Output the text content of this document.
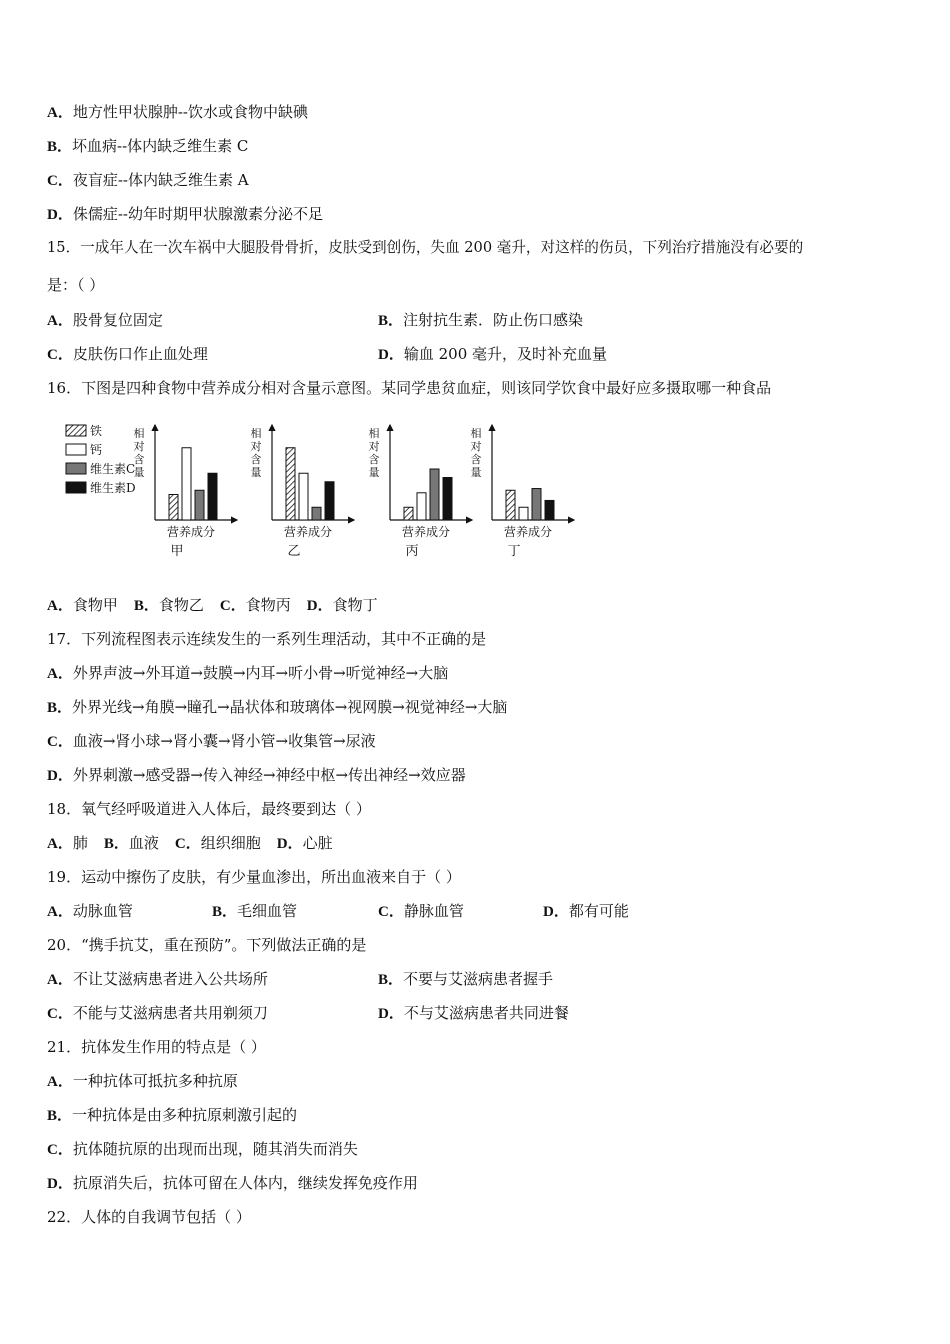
A．地方性甲状腺肿--饮水或食物中缺碘
B．坏血病--体内缺乏维生素 C
C．夜盲症--体内缺乏维生素 A
D．侏儒症--幼年时期甲状腺激素分泌不足
15．一成年人在一次车祸中大腿股骨骨折，皮肤受到创伤，失血 200 毫升，对这样的伤员，下列治疗措施没有必要的
是：（ ）
A．股骨复位固定	B．注射抗生素．防止伤口感染
C．皮肤伤口作止血处理	D．输血 200 毫升，及时补充血量
16．下图是四种食物中营养成分相对含量示意图。某同学患贫血症，则该同学饮食中最好应多摄取哪一种食品
铁
钙
维生素C
维生素D
相
对
含
量
营养成分
甲
相
对
含
量
营养成分
乙
相
对
含
量
营养成分
丙
相
对
含
量
营养成分
丁
A．食物甲 B．食物乙 C．食物丙 D．食物丁
17．下列流程图表示连续发生的一系列生理活动，其中不正确的是
A．外界声波→外耳道→鼓膜→内耳→听小骨→听觉神经→大脑
B．外界光线→角膜→瞳孔→晶状体和玻璃体→视网膜→视觉神经→大脑
C．血液→肾小球→肾小囊→肾小管→收集管→尿液
D．外界刺激→感受器→传入神经→神经中枢→传出神经→效应器
18．氧气经呼吸道进入人体后，最终要到达（ ）
A．肺 B．血液 C．组织细胞 D．心脏
19．运动中擦伤了皮肤，有少量血渗出，所出血液来自于（ ）
A．动脉血管	B．毛细血管	C．静脉血管	D．都有可能
20．“携手抗艾，重在预防”。下列做法正确的是
A．不让艾滋病患者进入公共场所	B．不要与艾滋病患者握手
C．不能与艾滋病患者共用剃须刀	D．不与艾滋病患者共同进餐
21．抗体发生作用的特点是（ ）
A．一种抗体可抵抗多种抗原
B．一种抗体是由多种抗原刺激引起的
C．抗体随抗原的出现而出现，随其消失而消失
D．抗原消失后，抗体可留在人体内，继续发挥免疫作用
22．人体的自我调节包括（ ）
